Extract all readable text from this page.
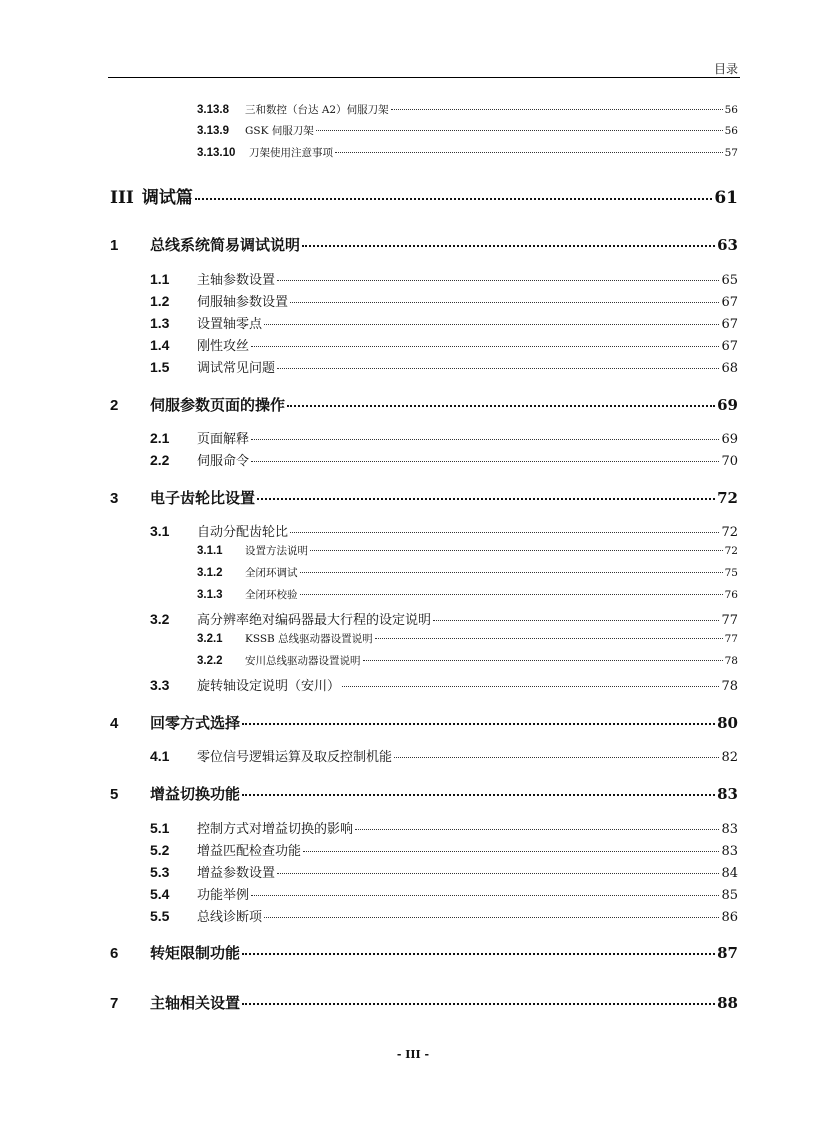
目录
3.13.8	三和数控（台达 A2）伺服刀架	56
3.13.9	GSK 伺服刀架	56
3.13.10	刀架使用注意事项	57
III 调试篇	61
1	总线系统简易调试说明	63
1.1	主轴参数设置	65
1.2	伺服轴参数设置	67
1.3	设置轴零点	67
1.4	刚性攻丝	67
1.5	调试常见问题	68
2	伺服参数页面的操作	69
2.1	页面解释	69
2.2	伺服命令	70
3	电子齿轮比设置	72
3.1	自动分配齿轮比	72
3.1.1	设置方法说明	72
3.1.2	全闭环调试	75
3.1.3	全闭环校验	76
3.2	高分辨率绝对编码器最大行程的设定说明	77
3.2.1	KSSB 总线驱动器设置说明	77
3.2.2	安川总线驱动器设置说明	78
3.3	旋转轴设定说明（安川）	78
4	回零方式选择	80
4.1	零位信号逻辑运算及取反控制机能	82
5	增益切换功能	83
5.1	控制方式对增益切换的影响	83
5.2	增益匹配检查功能	83
5.3	增益参数设置	84
5.4	功能举例	85
5.5	总线诊断项	86
6	转矩限制功能	87
7	主轴相关设置	88
- III -
